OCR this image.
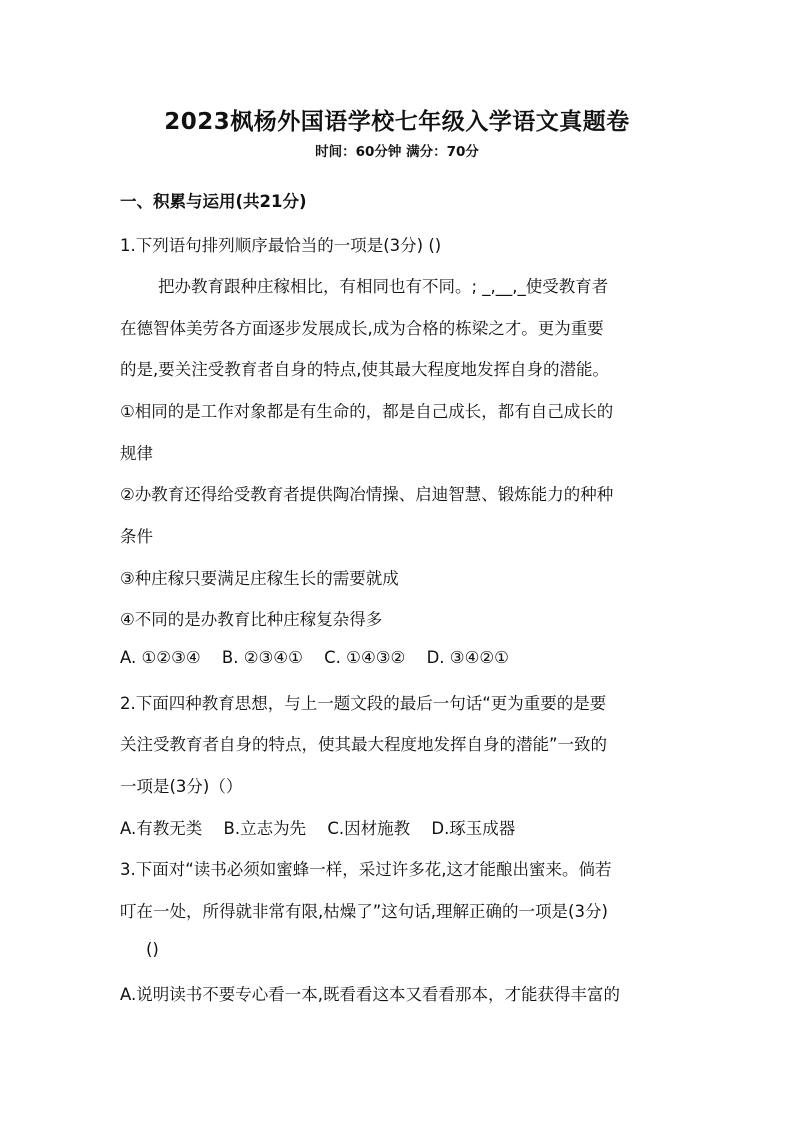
2023枫杨外国语学校七年级入学语文真题卷
时间：60分钟 满分：70分
一、积累与运用(共21分)
1.下列语句排列顺序最恰当的一项是(3分) ()
把办教育跟种庄稼相比，有相同也有不同。; _,__,_使受教育者
在德智体美劳各方面逐步发展成长,成为合格的栋梁之才。更为重要
的是,要关注受教育者自身的特点,使其最大程度地发挥自身的潜能。
①相同的是工作对象都是有生命的，都是自己成长，都有自己成长的
规律
②办教育还得给受教育者提供陶冶情操、启迪智慧、锻炼能力的种种
条件
③种庄稼只要满足庄稼生长的需要就成
④不同的是办教育比种庄稼复杂得多
A. ①②③④ B. ②③④① C. ①④③② D. ③④②①
2.下面四种教育思想，与上一题文段的最后一句话“更为重要的是要
关注受教育者自身的特点，使其最大程度地发挥自身的潜能”一致的
一项是(3分)（）
A.有教无类 B.立志为先 C.因材施教 D.琢玉成器
3.下面对“读书必须如蜜蜂一样，采过许多花,这才能酿出蜜来。倘若
叮在一处，所得就非常有限,枯燥了”这句话,理解正确的一项是(3分)
()
A.说明读书不要专心看一本,既看看这本又看看那本，才能获得丰富的
